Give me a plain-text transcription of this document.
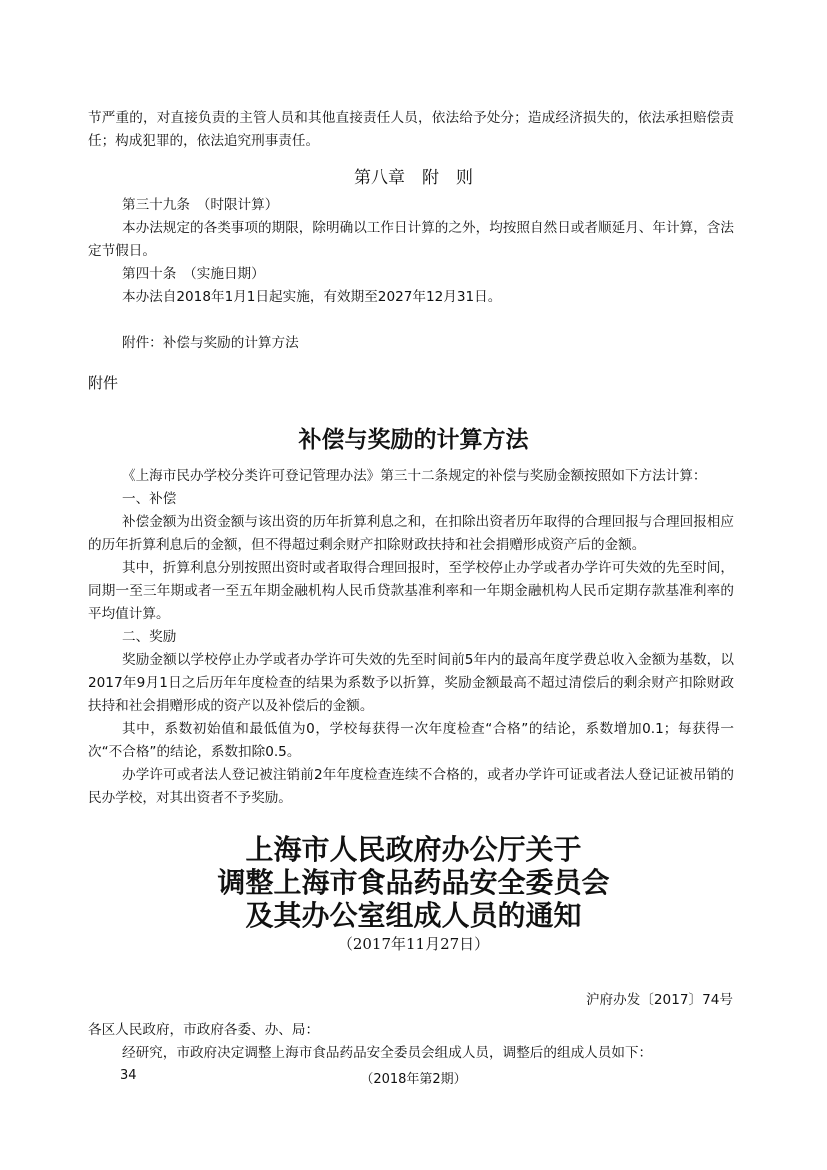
节严重的，对直接负责的主管人员和其他直接责任人员，依法给予处分；造成经济损失的，依法承担赔偿责任；构成犯罪的，依法追究刑事责任。

第八章　附　则

第三十九条　（时限计算）

本办法规定的各类事项的期限，除明确以工作日计算的之外，均按照自然日或者顺延月、年计算，含法定节假日。

第四十条　（实施日期）

本办法自2018年1月1日起实施，有效期至2027年12月31日。

附件：补偿与奖励的计算方法

附件
补偿与奖励的计算方法

《上海市民办学校分类许可登记管理办法》第三十二条规定的补偿与奖励金额按照如下方法计算：

一、补偿

补偿金额为出资金额与该出资的历年折算利息之和，在扣除出资者历年取得的合理回报与合理回报相应的历年折算利息后的金额，但不得超过剩余财产扣除财政扶持和社会捐赠形成资产后的金额。

其中，折算利息分别按照出资时或者取得合理回报时，至学校停止办学或者办学许可失效的先至时间，同期一至三年期或者一至五年期金融机构人民币贷款基准利率和一年期金融机构人民币定期存款基准利率的平均值计算。

二、奖励

奖励金额以学校停止办学或者办学许可失效的先至时间前5年内的最高年度学费总收入金额为基数，以2017年9月1日之后历年年度检查的结果为系数予以折算，奖励金额最高不超过清偿后的剩余财产扣除财政扶持和社会捐赠形成的资产以及补偿后的金额。

其中，系数初始值和最低值为0，学校每获得一次年度检查“合格”的结论，系数增加0.1；每获得一次“不合格”的结论，系数扣除0.5。

办学许可或者法人登记被注销前2年年度检查连续不合格的，或者办学许可证或者法人登记证被吊销的民办学校，对其出资者不予奖励。

上海市人民政府办公厅关于
调整上海市食品药品安全委员会
及其办公室组成人员的通知
（2017年11月27日）
沪府办发〔2017〕74号

各区人民政府，市政府各委、办、局：

经研究，市政府决定调整上海市食品药品安全委员会组成人员，调整后的组成人员如下：

34	（2018年第2期）
